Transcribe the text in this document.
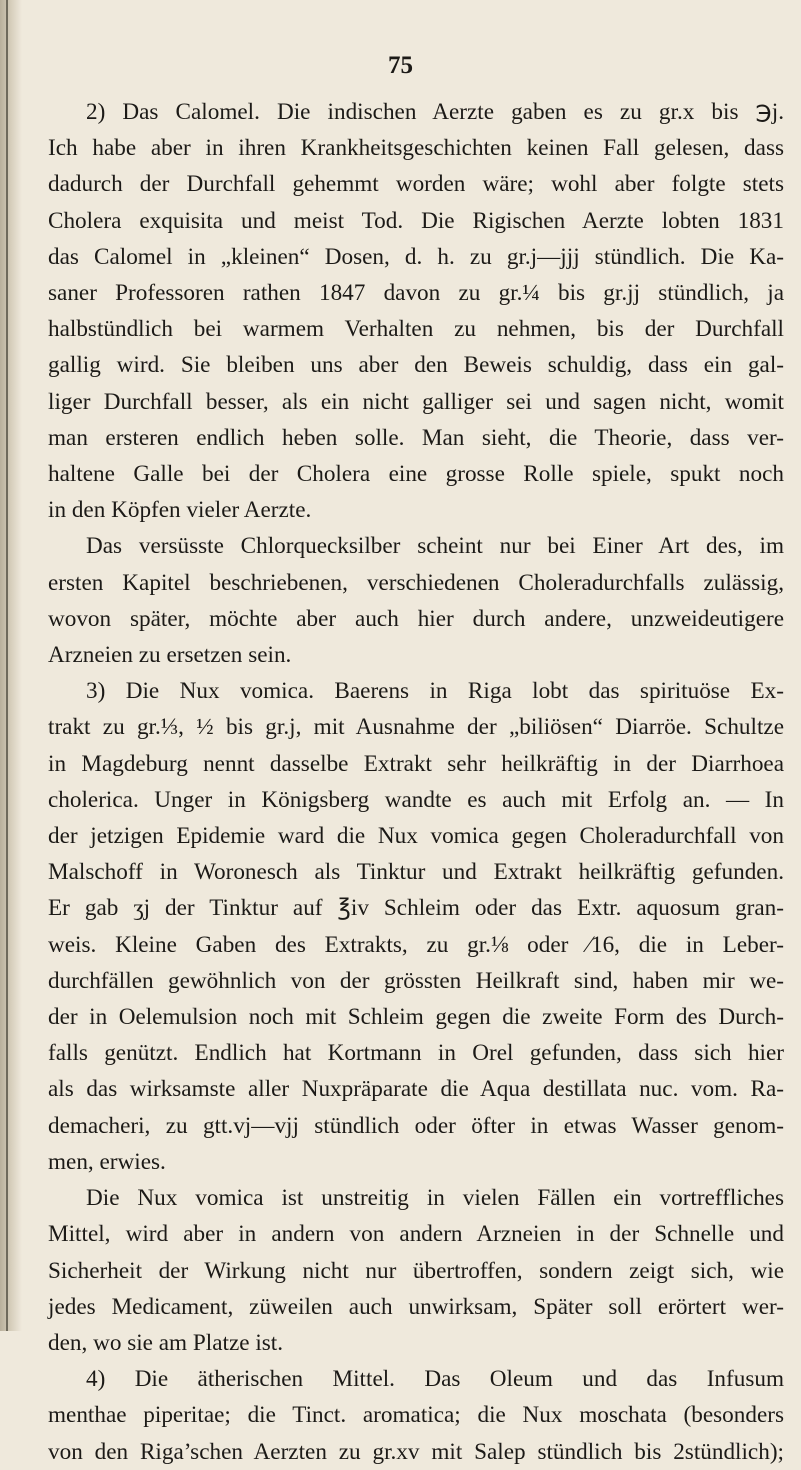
75
2) Das Calomel. Die indischen Aerzte gaben es zu gr.x bis ℈j.
Ich habe aber in ihren Krankheitsgeschichten keinen Fall gelesen, dass
dadurch der Durchfall gehemmt worden wäre; wohl aber folgte stets
Cholera exquisita und meist Tod. Die Rigischen Aerzte lobten 1831
das Calomel in „kleinen“ Dosen, d. h. zu gr.j—jjj stündlich. Die Ka-
saner Professoren rathen 1847 davon zu gr.¼ bis gr.jj stündlich, ja
halbstündlich bei warmem Verhalten zu nehmen, bis der Durchfall
gallig wird. Sie bleiben uns aber den Beweis schuldig, dass ein gal-
liger Durchfall besser, als ein nicht galliger sei und sagen nicht, womit
man ersteren endlich heben solle. Man sieht, die Theorie, dass ver-
haltene Galle bei der Cholera eine grosse Rolle spiele, spukt noch
in den Köpfen vieler Aerzte.
Das versüsste Chlorquecksilber scheint nur bei Einer Art des, im
ersten Kapitel beschriebenen, verschiedenen Choleradurchfalls zulässig,
wovon später, möchte aber auch hier durch andere, unzweideutigere
Arzneien zu ersetzen sein.
3) Die Nux vomica. Baerens in Riga lobt das spirituöse Ex-
trakt zu gr.⅓, ½ bis gr.j, mit Ausnahme der „biliösen“ Diarröe. Schultze
in Magdeburg nennt dasselbe Extrakt sehr heilkräftig in der Diarrhoea
cholerica. Unger in Königsberg wandte es auch mit Erfolg an. — In
der jetzigen Epidemie ward die Nux vomica gegen Choleradurchfall von
Malschoff in Woronesch als Tinktur und Extrakt heilkräftig gefunden.
Er gab ʒj der Tinktur auf ℥iv Schleim oder das Extr. aquosum gran-
weis. Kleine Gaben des Extrakts, zu gr.⅛ oder ⁄16, die in Leber-
durchfällen gewöhnlich von der grössten Heilkraft sind, haben mir we-
der in Oelemulsion noch mit Schleim gegen die zweite Form des Durch-
falls genützt. Endlich hat Kortmann in Orel gefunden, dass sich hier
als das wirksamste aller Nuxpräparate die Aqua destillata nuc. vom. Ra-
demacheri, zu gtt.vj—vjj stündlich oder öfter in etwas Wasser genom-
men, erwies.
Die Nux vomica ist unstreitig in vielen Fällen ein vortreffliches
Mittel, wird aber in andern von andern Arzneien in der Schnelle und
Sicherheit der Wirkung nicht nur übertroffen, sondern zeigt sich, wie
jedes Medicament, züweilen auch unwirksam, Später soll erörtert wer-
den, wo sie am Platze ist.
4) Die ätherischen Mittel. Das Oleum und das Infusum
menthae piperitae; die Tinct. aromatica; die Nux moschata (besonders
von den Riga’schen Aerzten zu gr.xv mit Salep stündlich bis 2stündlich);
